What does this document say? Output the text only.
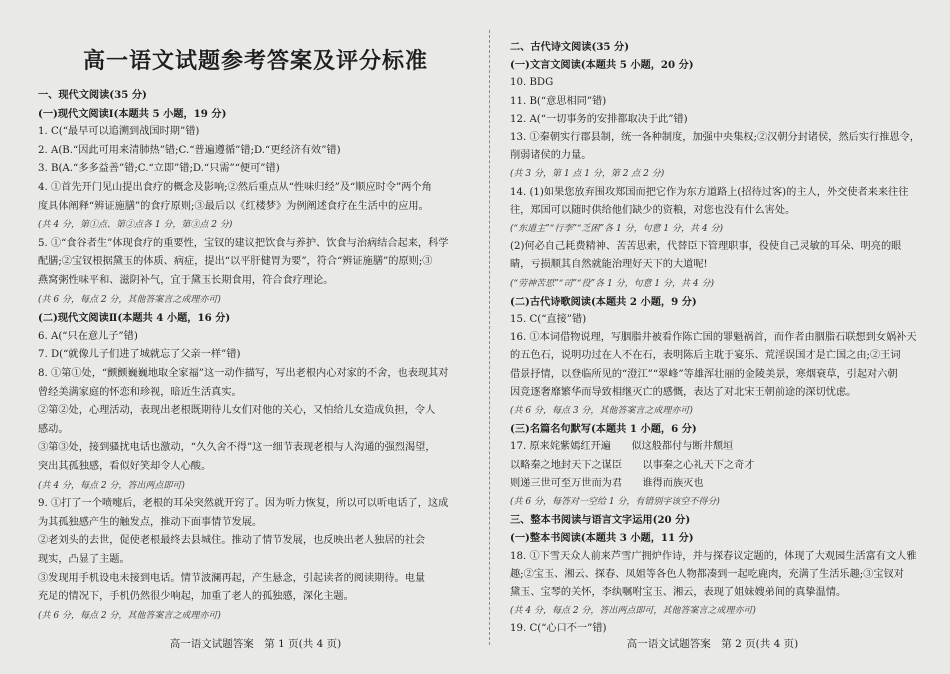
高一语文试题参考答案及评分标准
一、现代文阅读(35 分)
(一)现代文阅读Ⅰ(本题共 5 小题，19 分)
1. C(“最早可以追溯到战国时期”错)
2. A(B.“因此可用来清肺热”错;C.“普遍遵循”错;D.“更经济有效”错)
3. B(A.“多多益善”错;C.“立即”错;D.“只需”“便可”错)
4. ①首先开门见山提出食疗的概念及影响;②然后重点从“性味归经”及“顺应时令”两个角
度具体阐释“辨证施膳”的食疗原则;③最后以《红楼梦》为例阐述食疗在生活中的应用。
(共 4 分，第①点、第②点各 1 分，第③点 2 分)
5. ①“食谷者生”体现食疗的重要性，宝钗的建议把饮食与养护、饮食与治病结合起来，科学
配膳;②宝钗根据黛玉的体质、病症，提出“以平肝健胃为要”，符合“辨证施膳”的原则;③
燕窝粥性味平和、滋阴补气，宜于黛玉长期食用，符合食疗理论。
(共 6 分，每点 2 分，其他答案言之成理亦可)
(二)现代文阅读Ⅱ(本题共 4 小题，16 分)
6. A(“只在意儿子”错)
7. D(“就像儿子们进了城就忘了父亲一样”错)
8. ①第①处，“颤颤巍巍地取全家福”这一动作描写，写出老根内心对家的不舍，也表现其对
曾经美满家庭的怀恋和珍视，暗近生活真实。
②第②处，心理活动，表现出老根既期待儿女们对他的关心，又怕给儿女造成负担，令人
感动。
③第③处，接到骚扰电话也激动，“久久舍不得”这一细节表现老根与人沟通的强烈渴望，
突出其孤独感，看似好笑却令人心酸。
(共 4 分，每点 2 分，答出两点即可)
9. ①打了一个喷嚏后，老根的耳朵突然就开窍了。因为听力恢复，所以可以听电话了，这成
为其孤独感产生的触发点，推动下面事情节发展。
②老刘头的去世，促使老根最终去县城住。推动了情节发展，也反映出老人独居的社会
现实，凸显了主题。
③发现用手机设电未接到电话。情节波澜再起，产生悬念，引起读者的阅读期待。电量
充足的情况下，手机仍然很少响起，加重了老人的孤独感，深化主题。
(共 6 分，每点 2 分，其他答案言之成理亦可)
高一语文试题答案　第 1 页(共 4 页)
二、古代诗文阅读(35 分)
(一)文言文阅读(本题共 5 小题，20 分)
10. BDG
11. B(“意思相同”错)
12. A(“一切事务的安排都取决于此”错)
13. ①秦朝实行郡县制，统一各种制度，加强中央集权;②汉朝分封诸侯，然后实行推恩令，
削弱诸侯的力量。
(共 3 分，第 1 点 1 分，第 2 点 2 分)
14. (1)如果您放弃围攻郑国而把它作为东方道路上(招待过客)的主人，外交使者来来往往
往，郑国可以随时供给他们缺少的资粮，对您也没有什么害处。
(“东道主”“行李”“乏困”各 1 分，句意 1 分，共 4 分)
(2)何必自己耗费精神、苦苦思索，代替臣下管理职事，役使自己灵敏的耳朵、明亮的眼
睛，亏损顺其自然就能治理好天下的大道呢!
(“劳神苦思”“司”“役”各 1 分，句意 1 分，共 4 分)
(二)古代诗歌阅读(本题共 2 小题，9 分)
15. C(“直接”错)
16. ①本词借物说理，写胭脂井被看作陈亡国的罪魁祸首，而作者由胭脂石联想到女娲补天
的五色石，说明功过在人不在石，表明陈后主耽于宴乐、荒淫误国才是亡国之由;②王词
借景抒情，以登临所见的“澄江”“翠峰”等雄浑壮丽的金陵美景，寒烟衰草，引起对六朝
因竞逐奢靡繁华而导致相继灭亡的感慨，表达了对北宋王朝前途的深切忧虑。
(共 6 分，每点 3 分，其他答案言之成理亦可)
(三)名篇名句默写(本题共 1 小题，6 分)
17. 原来姹紫嫣红开遍　　似这般都付与断井颓垣
以略秦之地封天下之谋臣　　以事秦之心礼天下之奇才
则递三世可至万世而为君　　谁得而族灭也
(共 6 分，每答对一空给 1 分，有错别字该空不得分)
三、整本书阅读与语言文字运用(20 分)
(一)整本书阅读(本题共 3 小题，11 分)
18. ①下雪天众人前来芦雪广拥炉作诗，并与探春议定题的，体现了大观园生活富有文人雅
趣;②宝玉、湘云、探春、凤姐等各色人物都凑到一起吃鹿肉，充满了生活乐趣;③宝钗对
黛玉、宝琴的关怀，李纨嘱咐宝玉、湘云，表现了姐妹嫂弟间的真挚温情。
(共 4 分，每点 2 分，答出两点即可，其他答案言之成理亦可)
19. C(“心口不一”错)
高一语文试题答案　第 2 页(共 4 页)
